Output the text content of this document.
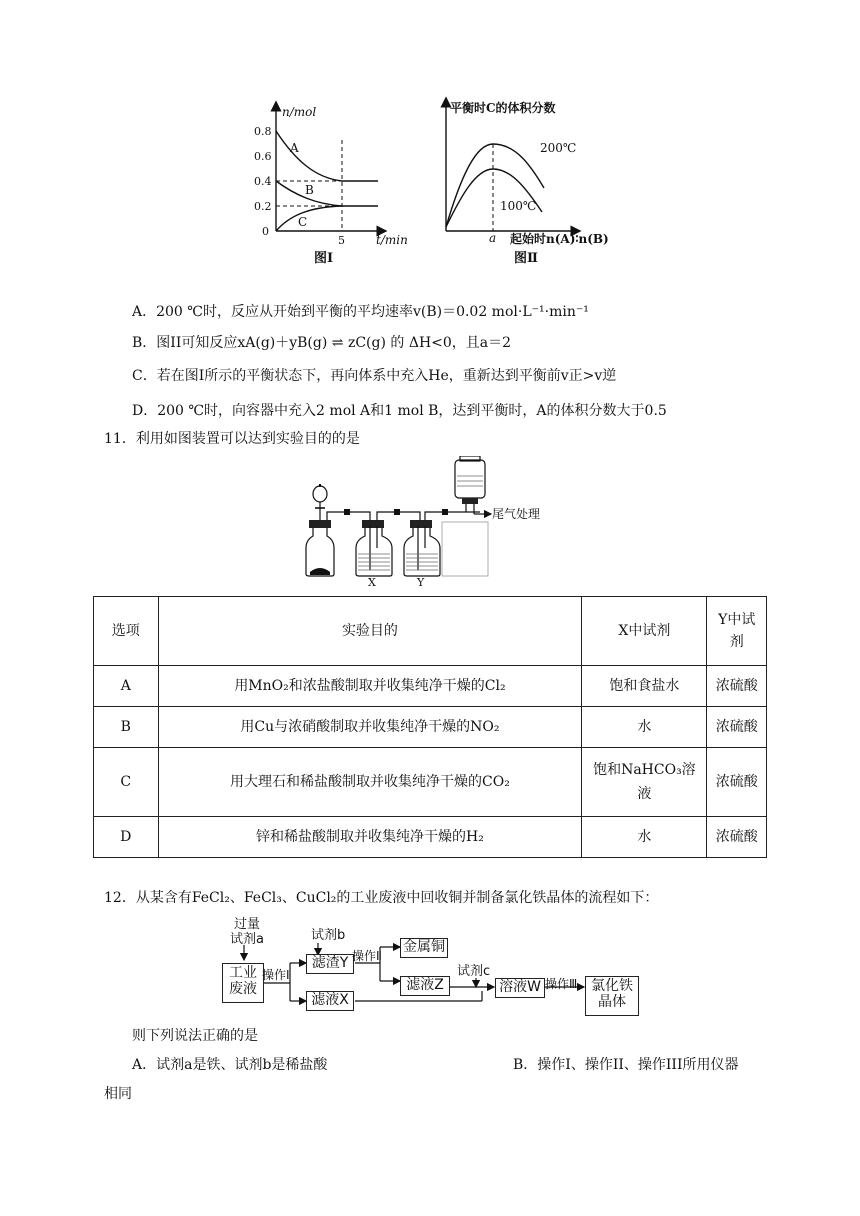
n/mol
t/min
0.8
0.6
0.4
0.2
0
5
A
B
C
图Ⅰ
平衡时C的体积分数
起始时n(A)∶n(B)
a
200℃
100℃
图Ⅱ
A．200 ℃时，反应从开始到平衡的平均速率v(B)＝0.02 mol·L⁻¹·min⁻¹
B．图II可知反应xA(g)＋yB(g) ⇌ zC(g) 的 ΔH<0，且a＝2
C．若在图I所示的平衡状态下，再向体系中充入He，重新达到平衡前v正>v逆
D．200 ℃时，向容器中充入2 mol A和1 mol B，达到平衡时，A的体积分数大于0.5
11．利用如图装置可以达到实验目的的是
X	Y
尾气处理
选项	实验目的	X中试剂	Y中试剂
A	用MnO₂和浓盐酸制取并收集纯净干燥的Cl₂	饱和食盐水	浓硫酸
B	用Cu与浓硝酸制取并收集纯净干燥的NO₂	水	浓硫酸
C	用大理石和稀盐酸制取并收集纯净干燥的CO₂	饱和NaHCO₃溶液	浓硫酸
D	锌和稀盐酸制取并收集纯净干燥的H₂	水	浓硫酸
12．从某含有FeCl₂、FeCl₃、CuCl₂的工业废液中回收铜并制备氯化铁晶体的流程如下：
过量试剂a
工业废液
操作Ⅰ
试剂b
滤渣Y 操作Ⅱ
金属铜
滤液Z
滤液X
试剂c
溶液W 操作Ⅲ 氯化铁晶体
则下列说法正确的是
A．试剂a是铁、试剂b是稀盐酸	B．操作I、操作II、操作III所用仪器
相同
